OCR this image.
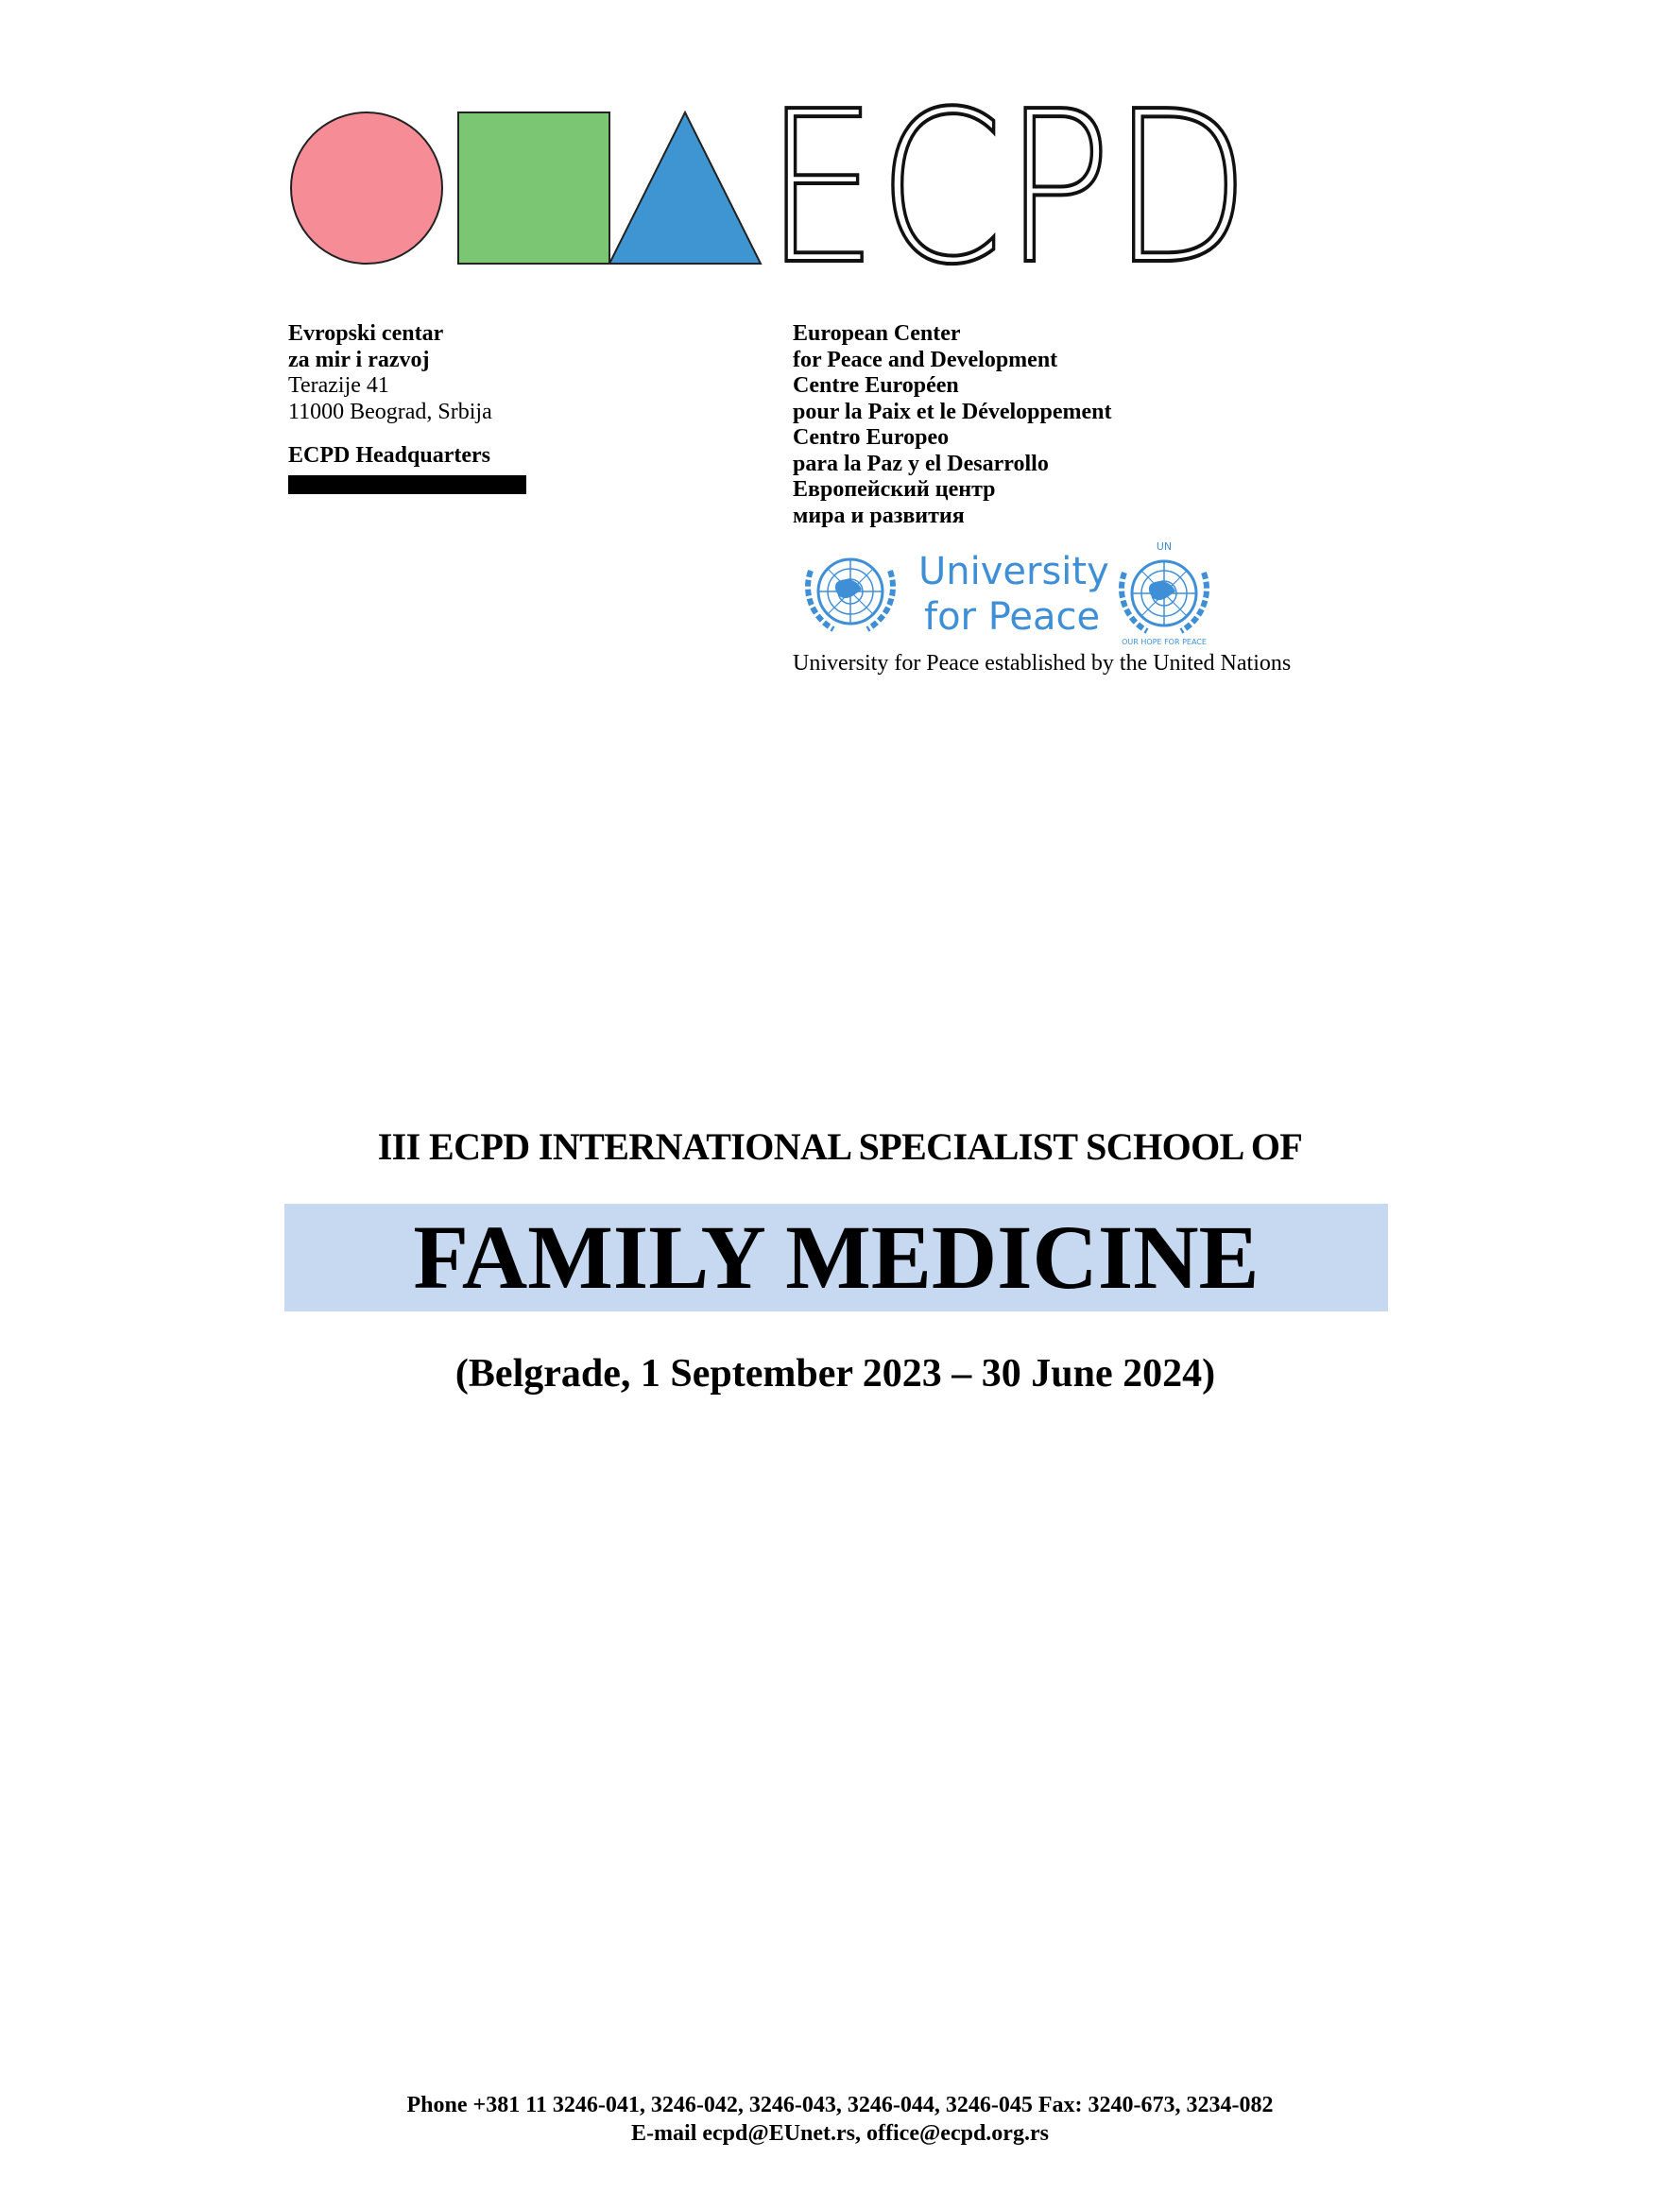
ECPD
Evropski centar
za mir i razvoj
Terazije 41
11000 Beograd, Srbija
ECPD Headquarters
European Center
for Peace and Development
Centre Européen
pour la Paix et le Développement
Centro Europeo
para la Paz y el Desarrollo
Европейский центр
мира и развития
University
for Peace
UN
OUR HOPE FOR PEACE
University for Peace established by the United Nations
III ECPD INTERNATIONAL SPECIALIST SCHOOL OF
FAMILY MEDICINE
(Belgrade, 1 September 2023 – 30 June 2024)
Phone +381 11 3246-041, 3246-042, 3246-043, 3246-044, 3246-045 Fax: 3240-673, 3234-082
E-mail ecpd@EUnet.rs, office@ecpd.org.rs
